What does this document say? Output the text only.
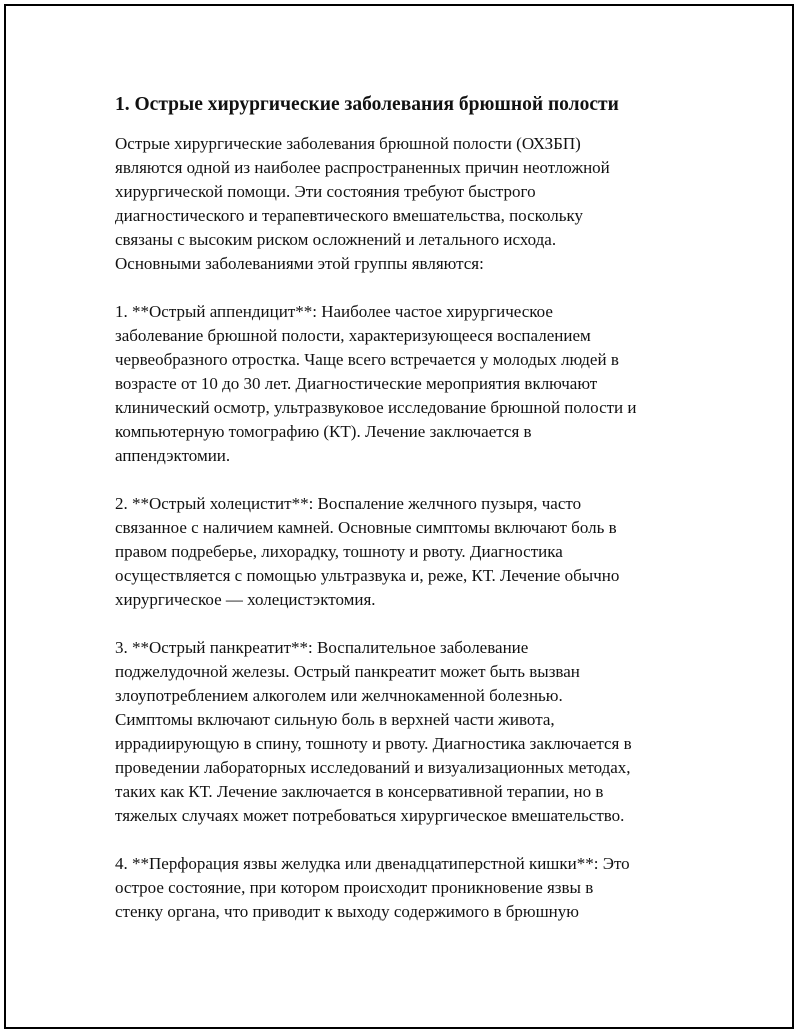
1. Острые хирургические заболевания брюшной полости

Острые хирургические заболевания брюшной полости (ОХЗБП)
являются одной из наиболее распространенных причин неотложной
хирургической помощи. Эти состояния требуют быстрого
диагностического и терапевтического вмешательства, поскольку
связаны с высоким риском осложнений и летального исхода.
Основными заболеваниями этой группы являются:

1. **Острый аппендицит**: Наиболее частое хирургическое
заболевание брюшной полости, характеризующееся воспалением
червеобразного отростка. Чаще всего встречается у молодых людей в
возрасте от 10 до 30 лет. Диагностические мероприятия включают
клинический осмотр, ультразвуковое исследование брюшной полости и
компьютерную томографию (КТ). Лечение заключается в
аппендэктомии.

2. **Острый холецистит**: Воспаление желчного пузыря, часто
связанное с наличием камней. Основные симптомы включают боль в
правом подреберье, лихорадку, тошноту и рвоту. Диагностика
осуществляется с помощью ультразвука и, реже, КТ. Лечение обычно
хирургическое — холецистэктомия.

3. **Острый панкреатит**: Воспалительное заболевание
поджелудочной железы. Острый панкреатит может быть вызван
злоупотреблением алкоголем или желчнокаменной болезнью.
Симптомы включают сильную боль в верхней части живота,
иррадиирующую в спину, тошноту и рвоту. Диагностика заключается в
проведении лабораторных исследований и визуализационных методах,
таких как КТ. Лечение заключается в консервативной терапии, но в
тяжелых случаях может потребоваться хирургическое вмешательство.

4. **Перфорация язвы желудка или двенадцатиперстной кишки**: Это
острое состояние, при котором происходит проникновение язвы в
стенку органа, что приводит к выходу содержимого в брюшную
